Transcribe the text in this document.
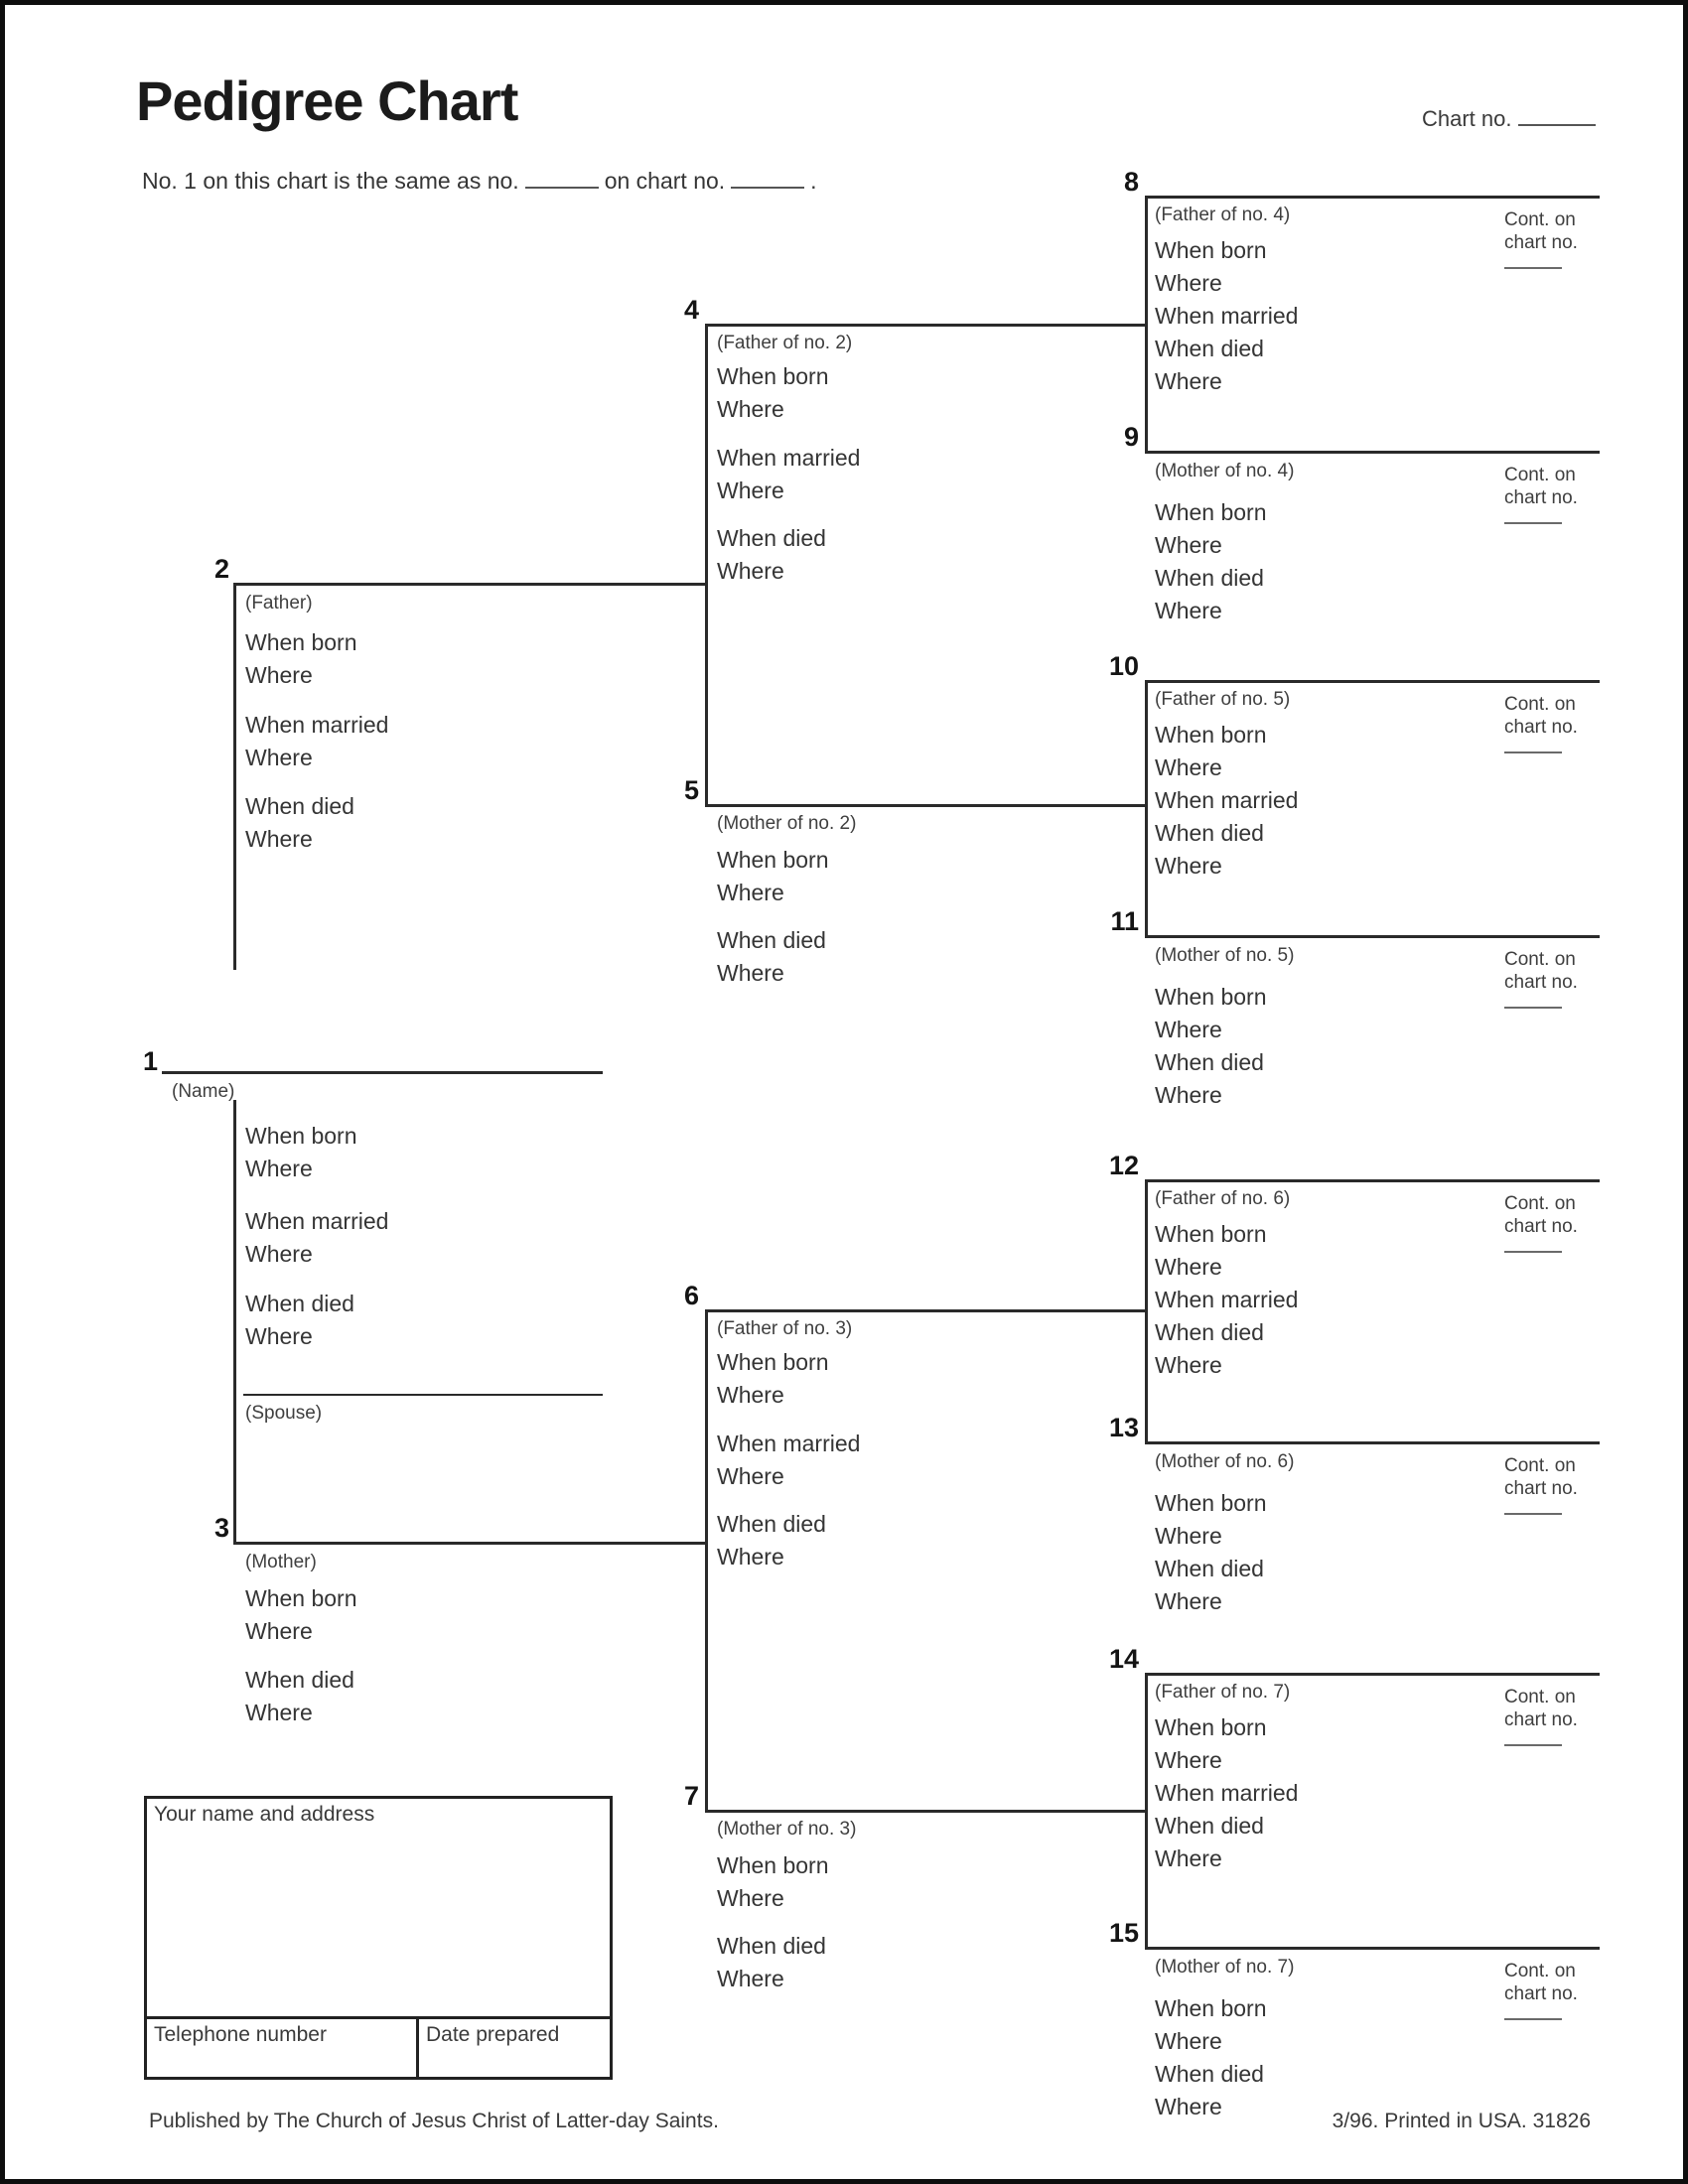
Pedigree Chart	Chart no.
No. 1 on this chart is the same as no.	on chart no.	.
1
2
3
4
5
6
7
8
9
10
11
12
13
14
15
(Name)
When born
Where
When married
Where
When died
Where
(Spouse)
(Father)
When born
Where
When married
Where
When died
Where
(Mother)
When born
Where
When died
Where
(Father of no. 2)
When born
Where
When married
Where
When died
Where
(Mother of no. 2)
When born
Where
When died
Where
(Father of no. 3)
When born
Where
When married
Where
When died
Where
(Mother of no. 3)
When born
Where
When died
Where
(Father of no. 4)
When born
Where
When married
When died
Where
Cont. on
chart no.
(Mother of no. 4)
When born
Where
When died
Where
Cont. on
chart no.
(Father of no. 5)
When born
Where
When married
When died
Where
Cont. on
chart no.
(Mother of no. 5)
When born
Where
When died
Where
Cont. on
chart no.
(Father of no. 6)
When born
Where
When married
When died
Where
Cont. on
chart no.
(Mother of no. 6)
When born
Where
When died
Where
Cont. on
chart no.
(Father of no. 7)
When born
Where
When married
When died
Where
Cont. on
chart no.
(Mother of no. 7)
When born
Where
When died
Where
Cont. on
chart no.
Your name and address
Telephone number	Date prepared
Published by The Church of Jesus Christ of Latter-day Saints.	3/96. Printed in USA. 31826
